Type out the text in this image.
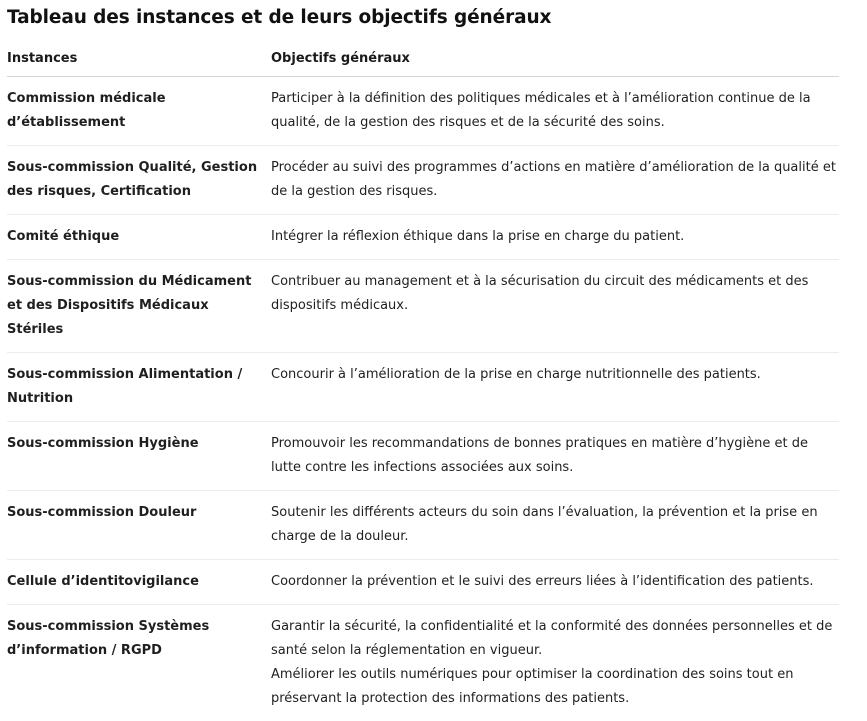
Tableau des instances et de leurs objectifs généraux
Instances	Objectifs généraux
Commission médicale d’établissement	Participer à la définition des politiques médicales et à l’amélioration continue de la qualité, de la gestion des risques et de la sécurité des soins.

Sous-commission Qualité, Gestion des risques, Certification	Procéder au suivi des programmes d’actions en matière d’amélioration de la qualité et de la gestion des risques.

Comité éthique	Intégrer la réflexion éthique dans la prise en charge du patient.

Sous-commission du Médicament et des Dispositifs Médicaux Stériles	Contribuer au management et à la sécurisation du circuit des médicaments et des dispositifs médicaux.

Sous-commission Alimentation / Nutrition	Concourir à l’amélioration de la prise en charge nutritionnelle des patients.

Sous-commission Hygiène	Promouvoir les recommandations de bonnes pratiques en matière d’hygiène et de lutte contre les infections associées aux soins.

Sous-commission Douleur	Soutenir les différents acteurs du soin dans l’évaluation, la prévention et la prise en charge de la douleur.

Cellule d’identitovigilance	Coordonner la prévention et le suivi des erreurs liées à l’identification des patients.

Sous-commission Systèmes d’information / RGPD	Garantir la sécurité, la confidentialité et la conformité des données personnelles et de santé selon la réglementation en vigueur.
Améliorer les outils numériques pour optimiser la coordination des soins tout en préservant la protection des informations des patients.
